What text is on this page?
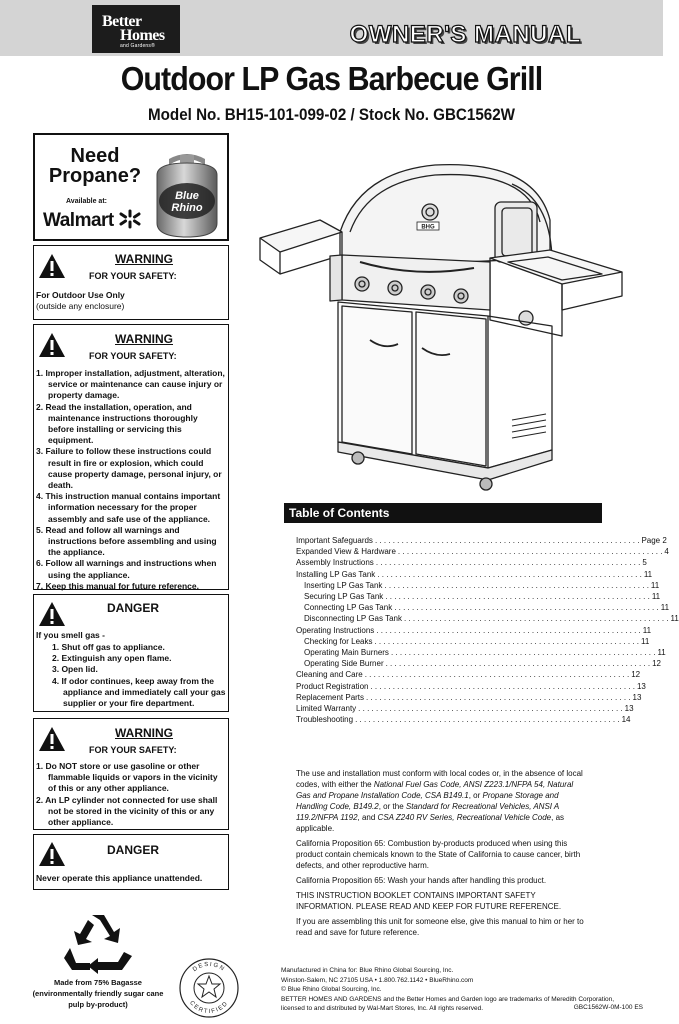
Better
Homes
and Gardens®	OWNER'S MANUAL
Outdoor LP Gas Barbecue Grill
Model No. BH15-101-099-02 / Stock No. GBC1562W
Need
Propane?
Available at:
Walmart
Blue
Rhino
WARNING
FOR YOUR SAFETY:
For Outdoor Use Only
(outside any enclosure)
WARNING
FOR YOUR SAFETY:
1. Improper installation, adjustment, alteration, service or maintenance can cause injury or property damage.
2. Read the installation, operation, and maintenance instructions thoroughly before installing or servicing this equipment.
3. Failure to follow these instructions could result in fire or explosion, which could cause property damage, personal injury, or death.
4. This instruction manual contains important information necessary for the proper assembly and safe use of the appliance.
5. Read and follow all warnings and instructions before assembling and using the appliance.
6. Follow all warnings and instructions when using the appliance.
7. Keep this manual for future reference.
DANGER
If you smell gas -
1. Shut off gas to appliance.
2. Extinguish any open flame.
3. Open lid.
4. If odor continues, keep away from the appliance and immediately call your gas supplier or your fire department.
WARNING
FOR YOUR SAFETY:
1. Do NOT store or use gasoline or other flammable liquids or vapors in the vicinity of this or any other appliance.
2. An LP cylinder not connected for use shall not be stored in the vicinity of this or any other appliance.
DANGER
Never operate this appliance unattended.
BHG
Table of Contents
Important Safeguards . . . . . . . . . . . . . . . . . . . . . . . . . . . . . . . . . . . . . . . . . . . . . . . . . . . . . . . . . . . . Page 2
Expanded View & Hardware . . . . . . . . . . . . . . . . . . . . . . . . . . . . . . . . . . . . . . . . . . . . . . . . . . . . . . . . . . . . 4
Assembly Instructions . . . . . . . . . . . . . . . . . . . . . . . . . . . . . . . . . . . . . . . . . . . . . . . . . . . . . . . . . . . . 5
Installing LP Gas Tank . . . . . . . . . . . . . . . . . . . . . . . . . . . . . . . . . . . . . . . . . . . . . . . . . . . . . . . . . . . . 11
Inserting LP Gas Tank . . . . . . . . . . . . . . . . . . . . . . . . . . . . . . . . . . . . . . . . . . . . . . . . . . . . . . . . . . . . 11
Securing LP Gas Tank . . . . . . . . . . . . . . . . . . . . . . . . . . . . . . . . . . . . . . . . . . . . . . . . . . . . . . . . . . . . 11
Connecting LP Gas Tank . . . . . . . . . . . . . . . . . . . . . . . . . . . . . . . . . . . . . . . . . . . . . . . . . . . . . . . . . . . . 11
Disconnecting LP Gas Tank . . . . . . . . . . . . . . . . . . . . . . . . . . . . . . . . . . . . . . . . . . . . . . . . . . . . . . . . . . . . 11
Operating Instructions . . . . . . . . . . . . . . . . . . . . . . . . . . . . . . . . . . . . . . . . . . . . . . . . . . . . . . . . . . . . 11
Checking for Leaks . . . . . . . . . . . . . . . . . . . . . . . . . . . . . . . . . . . . . . . . . . . . . . . . . . . . . . . . . . . . 11
Operating Main Burners . . . . . . . . . . . . . . . . . . . . . . . . . . . . . . . . . . . . . . . . . . . . . . . . . . . . . . . . . . . . 11
Operating Side Burner . . . . . . . . . . . . . . . . . . . . . . . . . . . . . . . . . . . . . . . . . . . . . . . . . . . . . . . . . . . . 12
Cleaning and Care . . . . . . . . . . . . . . . . . . . . . . . . . . . . . . . . . . . . . . . . . . . . . . . . . . . . . . . . . . . . 12
Product Registration . . . . . . . . . . . . . . . . . . . . . . . . . . . . . . . . . . . . . . . . . . . . . . . . . . . . . . . . . . . . 13
Replacement Parts . . . . . . . . . . . . . . . . . . . . . . . . . . . . . . . . . . . . . . . . . . . . . . . . . . . . . . . . . . . . 13
Limited Warranty . . . . . . . . . . . . . . . . . . . . . . . . . . . . . . . . . . . . . . . . . . . . . . . . . . . . . . . . . . . . 13
Troubleshooting . . . . . . . . . . . . . . . . . . . . . . . . . . . . . . . . . . . . . . . . . . . . . . . . . . . . . . . . . . . . 14

The use and installation must conform with local codes or, in the absence of local codes, with either the National Fuel Gas Code, ANSI Z223.1/NFPA 54, Natural Gas and Propane Installation Code, CSA B149.1, or Propane Storage and Handling Code, B149.2, or the Standard for Recreational Vehicles, ANSI A 119.2/NFPA 1192, and CSA Z240 RV Series, Recreational Vehicle Code, as applicable.

California Proposition 65: Combustion by-products produced when using this product contain chemicals known to the State of California to cause cancer, birth defects, and other reproductive harm.

California Proposition 65: Wash your hands after handling this product.

THIS INSTRUCTION BOOKLET CONTAINS IMPORTANT SAFETY INFORMATION. PLEASE READ AND KEEP FOR FUTURE REFERENCE.

If you are assembling this unit for someone else, give this manual to him or her to read and save for future reference.

Made from 75% Bagasse
(environmentally friendly sugar cane pulp by-product)
DESIGN
CERTIFIED
Manufactured in China for: Blue Rhino Global Sourcing, Inc.
Winston-Salem, NC 27105 USA • 1.800.762.1142 • BlueRhino.com
© Blue Rhino Global Sourcing, Inc.
BETTER HOMES AND GARDENS and the Better Homes and Garden logo are trademarks of Meredith Corporation, licensed to and distributed by Wal-Mart Stores, Inc. All rights reserved.	GBC1562W-0M-100 ES
